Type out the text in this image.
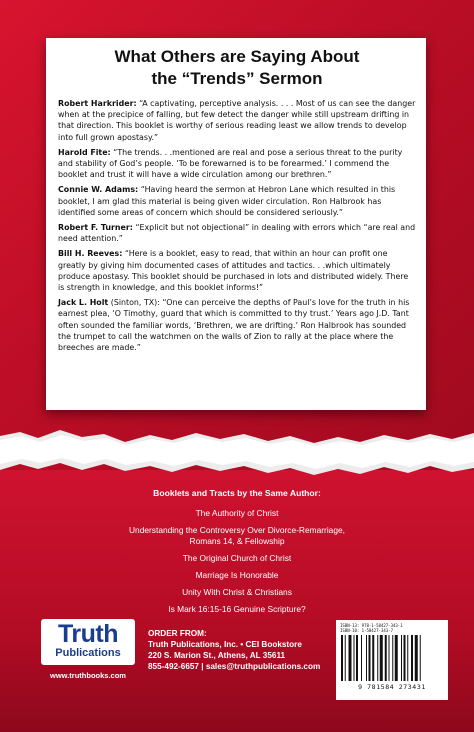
What Others are Saying About
the “Trends” Sermon

Robert Harkrider: “A captivating, perceptive analysis. . . . Most of us can see the danger when at the precipice of falling, but few detect the danger while still upstream drifting in that direction. This booklet is worthy of serious reading least we allow trends to develop into full grown apostasy.”

Harold Fite: “The trends. . .mentioned are real and pose a serious threat to the purity and stability of God’s people. ‘To be forewarned is to be forearmed.’ I commend the booklet and trust it will have a wide circulation among our brethren.”

Connie W. Adams: “Having heard the sermon at Hebron Lane which resulted in this booklet, I am glad this material is being given wider circulation. Ron Halbrook has identified some areas of concern which should be considered seriously.”

Robert F. Turner: “Explicit but not objectional” in dealing with errors which “are real and need attention.”

Bill H. Reeves: “Here is a booklet, easy to read, that within an hour can profit one greatly by giving him documented cases of attitudes and tactics. . .which ultimately produce apostasy. This booklet should be purchased in lots and distributed widely. There is strength in knowledge, and this booklet informs!”

Jack L. Holt (Sinton, TX): “One can perceive the depths of Paul’s love for the truth in his earnest plea, ‘O Timothy, guard that which is committed to thy trust.’ Years ago J.D. Tant often sounded the familiar words, ‘Brethren, we are drifting.’ Ron Halbrook has sounded the trumpet to call the watchmen on the walls of Zion to rally at the place where the breeches are made.”

Booklets and Tracts by the Same Author:
The Authority of Christ
Understanding the Controversy Over Divorce-Remarriage,
Romans 14, & Fellowship
The Original Church of Christ
Marriage Is Honorable
Unity With Christ & Christians
Is Mark 16:15-16 Genuine Scripture?
Truth
Publications
www.truthbooks.com
ORDER FROM:
Truth Publications, Inc. • CEI Bookstore
220 S. Marion St., Athens, AL 35611
855-492-6657 | sales@truthpublications.com
ISBN-13: 978-1-58427-343-1
ISBN-10: 1-58427-343-7
9 781584 273431
